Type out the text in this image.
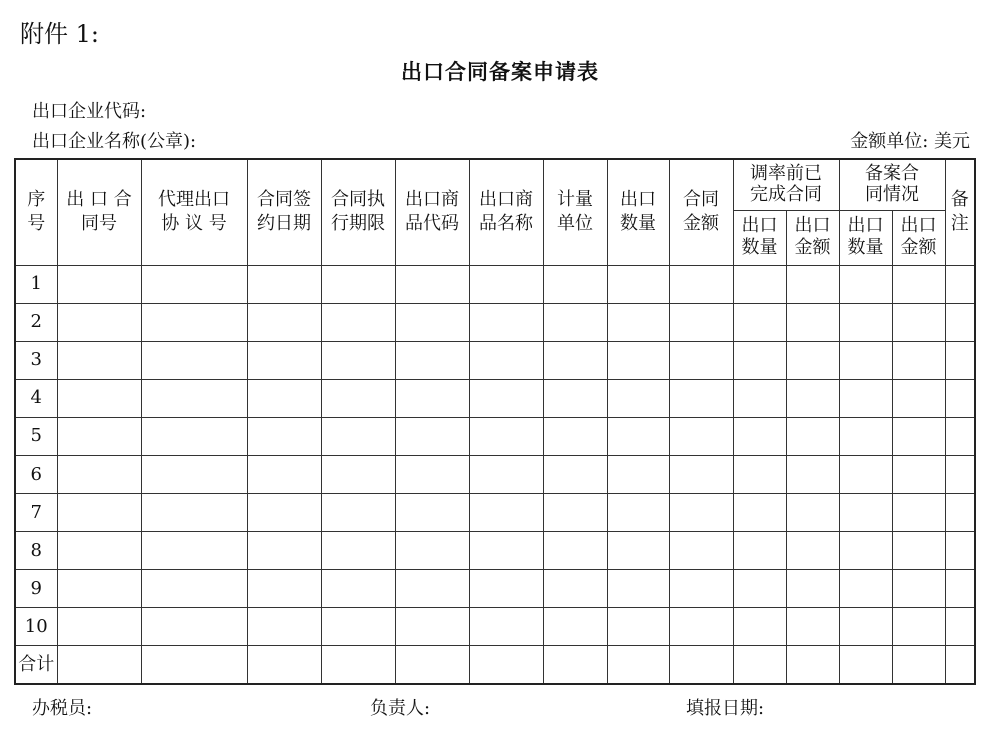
附件 1:
出口合同备案申请表
出口企业代码:
出口企业名称(公章):	金额单位: 美元
序号	出 口 合同号	代理出口 协 议 号	合同签 约日期	合同执 行期限	出口商 品代码	出口商 品名称	计量 单位	出口 数量	合同 金额	调率前已 完成合同		备案合 同情况		备 注
										出口 数量	出口 金额	出口 数量	出口 金额	
1														
2														
3														
4														
5														
6														
7														
8														
9														
10														
合计														
办税员:	负责人:	填报日期:
